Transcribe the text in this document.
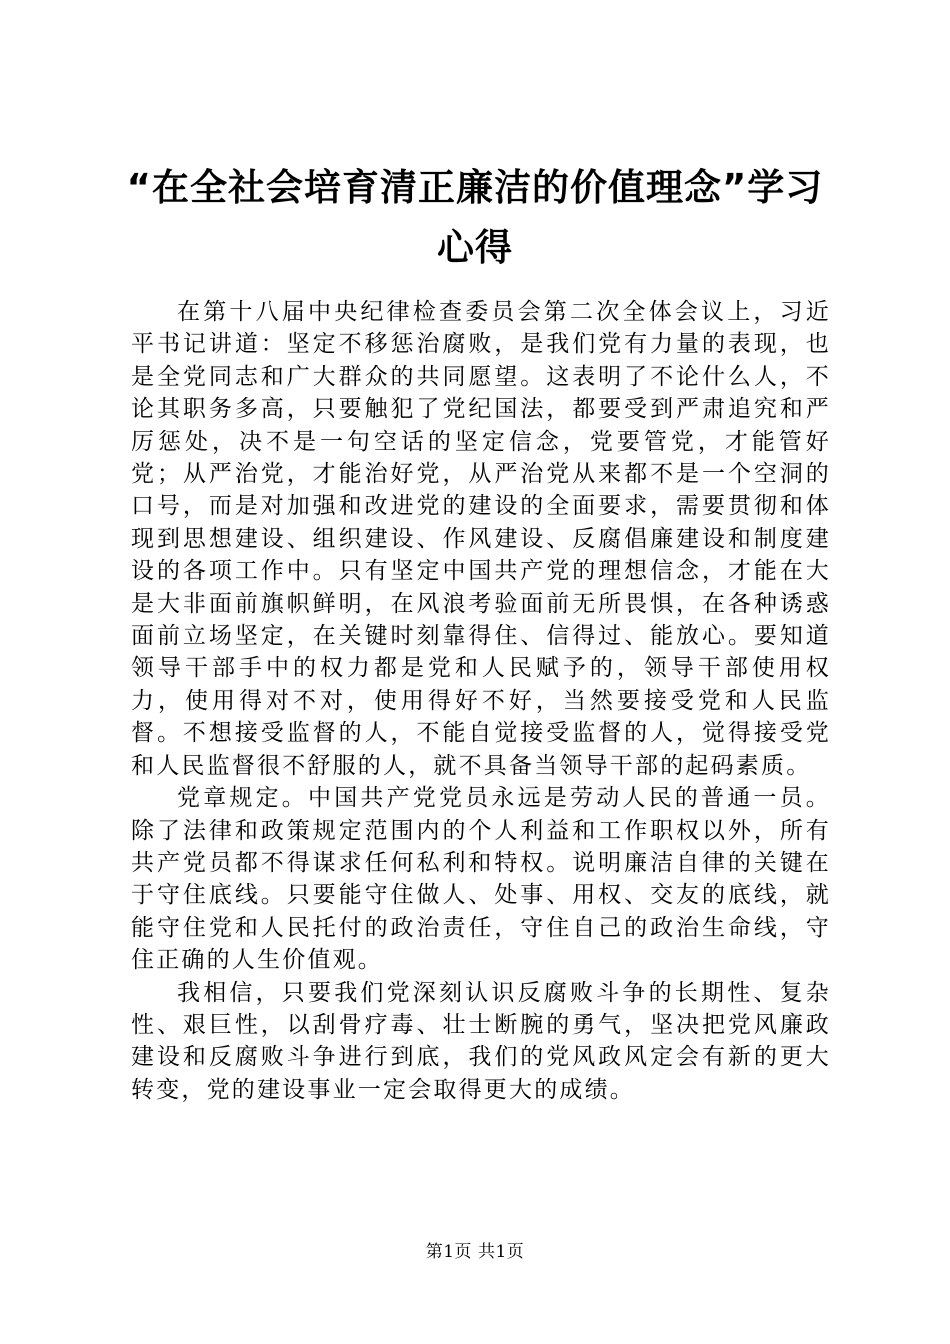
“在全社会培育清正廉洁的价值理念”学习心得

在第十八届中央纪律检查委员会第二次全体会议上，习近平书记讲道：坚定不移惩治腐败，是我们党有力量的表现，也是全党同志和广大群众的共同愿望。这表明了不论什么人，不论其职务多高，只要触犯了党纪国法，都要受到严肃追究和严厉惩处，决不是一句空话的坚定信念，党要管党，才能管好党；从严治党，才能治好党，从严治党从来都不是一个空洞的口号，而是对加强和改进党的建设的全面要求，需要贯彻和体现到思想建设、组织建设、作风建设、反腐倡廉建设和制度建设的各项工作中。只有坚定中国共产党的理想信念，才能在大是大非面前旗帜鲜明，在风浪考验面前无所畏惧，在各种诱惑面前立场坚定，在关键时刻靠得住、信得过、能放心。要知道领导干部手中的权力都是党和人民赋予的，领导干部使用权力，使用得对不对，使用得好不好，当然要接受党和人民监督。不想接受监督的人，不能自觉接受监督的人，觉得接受党和人民监督很不舒服的人，就不具备当领导干部的起码素质。

党章规定。中国共产党党员永远是劳动人民的普通一员。除了法律和政策规定范围内的个人利益和工作职权以外，所有共产党员都不得谋求任何私利和特权。说明廉洁自律的关键在于守住底线。只要能守住做人、处事、用权、交友的底线，就能守住党和人民托付的政治责任，守住自己的政治生命线，守住正确的人生价值观。

我相信，只要我们党深刻认识反腐败斗争的长期性、复杂性、艰巨性，以刮骨疗毒、壮士断腕的勇气，坚决把党风廉政建设和反腐败斗争进行到底，我们的党风政风定会有新的更大转变，党的建设事业一定会取得更大的成绩。

第1页 共1页
